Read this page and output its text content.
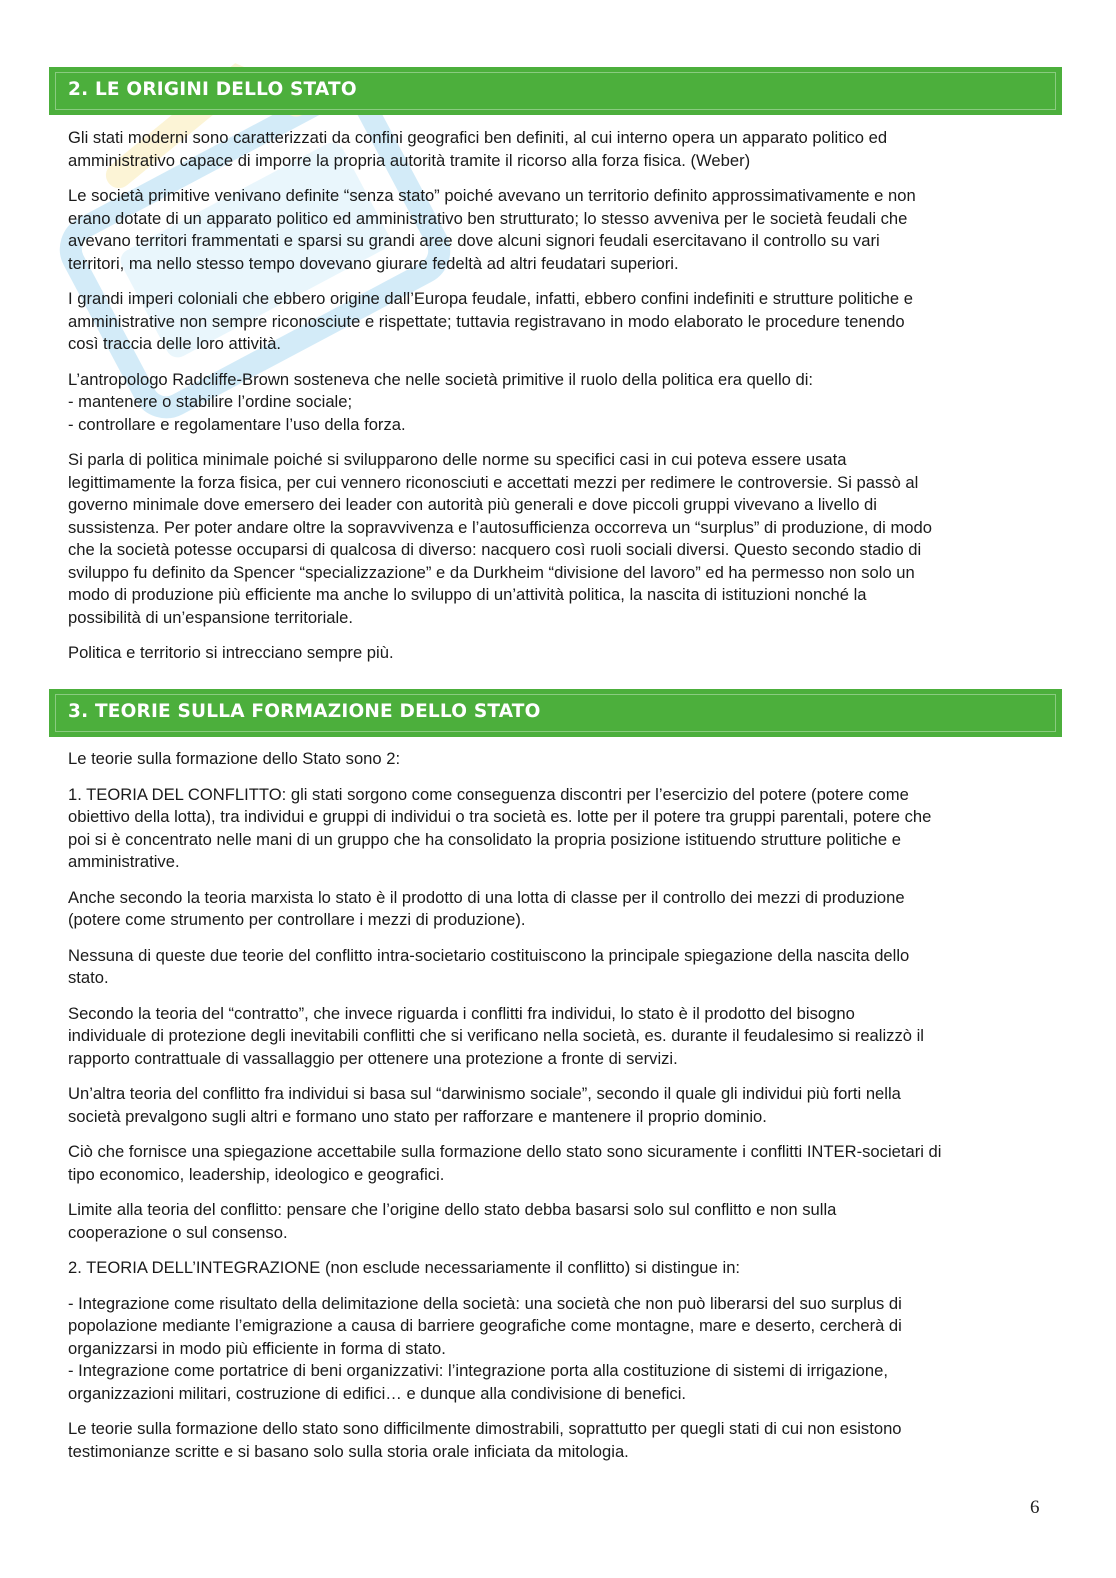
2. LE ORIGINI DELLO STATO

Gli stati moderni sono caratterizzati da confini geografici ben definiti, al cui interno opera un apparato politico ed
amministrativo capace di imporre la propria autorità tramite il ricorso alla forza fisica. (Weber)

Le società primitive venivano definite “senza stato” poiché avevano un territorio definito approssimativamente e non
erano dotate di un apparato politico ed amministrativo ben strutturato; lo stesso avveniva per le società feudali che
avevano territori frammentati e sparsi su grandi aree dove alcuni signori feudali esercitavano il controllo su vari
territori, ma nello stesso tempo dovevano giurare fedeltà ad altri feudatari superiori.

I grandi imperi coloniali che ebbero origine dall’Europa feudale, infatti, ebbero confini indefiniti e strutture politiche e
amministrative non sempre riconosciute e rispettate; tuttavia registravano in modo elaborato le procedure tenendo
così traccia delle loro attività.

L’antropologo Radcliffe-Brown sosteneva che nelle società primitive il ruolo della politica era quello di:
- mantenere o stabilire l’ordine sociale;
- controllare e regolamentare l’uso della forza.

Si parla di politica minimale poiché si svilupparono delle norme su specifici casi in cui poteva essere usata
legittimamente la forza fisica, per cui vennero riconosciuti e accettati mezzi per redimere le controversie. Si passò al
governo minimale dove emersero dei leader con autorità più generali e dove piccoli gruppi vivevano a livello di
sussistenza. Per poter andare oltre la sopravvivenza e l’autosufficienza occorreva un “surplus” di produzione, di modo
che la società potesse occuparsi di qualcosa di diverso: nacquero così ruoli sociali diversi. Questo secondo stadio di
sviluppo fu definito da Spencer “specializzazione” e da Durkheim “divisione del lavoro” ed ha permesso non solo un
modo di produzione più efficiente ma anche lo sviluppo di un’attività politica, la nascita di istituzioni nonché la
possibilità di un’espansione territoriale.

Politica e territorio si intrecciano sempre più.

3. TEORIE SULLA FORMAZIONE DELLO STATO

Le teorie sulla formazione dello Stato sono 2:

1. TEORIA DEL CONFLITTO: gli stati sorgono come conseguenza discontri per l’esercizio del potere (potere come
obiettivo della lotta), tra individui e gruppi di individui o tra società es. lotte per il potere tra gruppi parentali, potere che
poi si è concentrato nelle mani di un gruppo che ha consolidato la propria posizione istituendo strutture politiche e
amministrative.

Anche secondo la teoria marxista lo stato è il prodotto di una lotta di classe per il controllo dei mezzi di produzione
(potere come strumento per controllare i mezzi di produzione).

Nessuna di queste due teorie del conflitto intra-societario costituiscono la principale spiegazione della nascita dello
stato.

Secondo la teoria del “contratto”, che invece riguarda i conflitti fra individui, lo stato è il prodotto del bisogno
individuale di protezione degli inevitabili conflitti che si verificano nella società, es. durante il feudalesimo si realizzò il
rapporto contrattuale di vassallaggio per ottenere una protezione a fronte di servizi.

Un’altra teoria del conflitto fra individui si basa sul “darwinismo sociale”, secondo il quale gli individui più forti nella
società prevalgono sugli altri e formano uno stato per rafforzare e mantenere il proprio dominio.

Ciò che fornisce una spiegazione accettabile sulla formazione dello stato sono sicuramente i conflitti INTER-societari di
tipo economico, leadership, ideologico e geografici.

Limite alla teoria del conflitto: pensare che l’origine dello stato debba basarsi solo sul conflitto e non sulla
cooperazione o sul consenso.

2. TEORIA DELL’INTEGRAZIONE (non esclude necessariamente il conflitto) si distingue in:

- Integrazione come risultato della delimitazione della società: una società che non può liberarsi del suo surplus di
popolazione mediante l’emigrazione a causa di barriere geografiche come montagne, mare e deserto, cercherà di
organizzarsi in modo più efficiente in forma di stato.
- Integrazione come portatrice di beni organizzativi: l’integrazione porta alla costituzione di sistemi di irrigazione,
organizzazioni militari, costruzione di edifici… e dunque alla condivisione di benefici.

Le teorie sulla formazione dello stato sono difficilmente dimostrabili, soprattutto per quegli stati di cui non esistono
testimonianze scritte e si basano solo sulla storia orale inficiata da mitologia.

6
